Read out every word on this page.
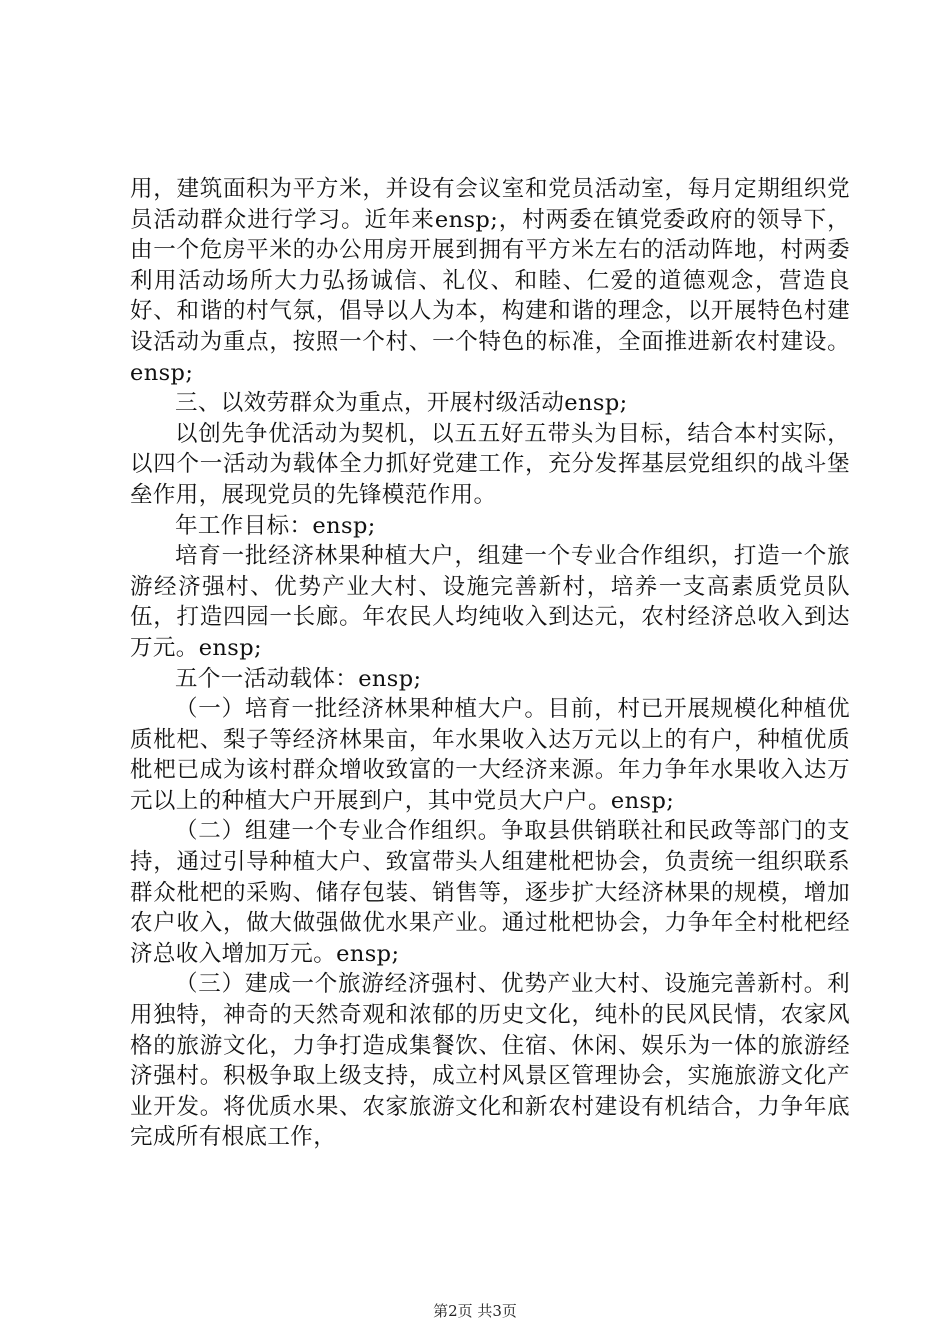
用，建筑面积为平方米，并设有会议室和党员活动室，每月定期组织党员活动群众进行学习。近年来ensp;，村两委在镇党委政府的领导下，由一个危房平米的办公用房开展到拥有平方米左右的活动阵地，村两委利用活动场所大力弘扬诚信、礼仪、和睦、仁爱的道德观念，营造良好、和谐的村气氛，倡导以人为本，构建和谐的理念，以开展特色村建设活动为重点，按照一个村、一个特色的标准，全面推进新农村建设。ensp;

三、以效劳群众为重点，开展村级活动ensp;

以创先争优活动为契机，以五五好五带头为目标，结合本村实际，以四个一活动为载体全力抓好党建工作，充分发挥基层党组织的战斗堡垒作用，展现党员的先锋模范作用。

年工作目标：ensp;

培育一批经济林果种植大户，组建一个专业合作组织，打造一个旅游经济强村、优势产业大村、设施完善新村，培养一支高素质党员队伍，打造四园一长廊。年农民人均纯收入到达元，农村经济总收入到达万元。ensp;

五个一活动载体：ensp;

（一）培育一批经济林果种植大户。目前，村已开展规模化种植优质枇杷、梨子等经济林果亩，年水果收入达万元以上的有户，种植优质枇杷已成为该村群众增收致富的一大经济来源。年力争年水果收入达万元以上的种植大户开展到户，其中党员大户户。ensp;

（二）组建一个专业合作组织。争取县供销联社和民政等部门的支持，通过引导种植大户、致富带头人组建枇杷协会，负责统一组织联系群众枇杷的采购、储存包装、销售等，逐步扩大经济林果的规模，增加农户收入，做大做强做优水果产业。通过枇杷协会，力争年全村枇杷经济总收入增加万元。ensp;

（三）建成一个旅游经济强村、优势产业大村、设施完善新村。利用独特，神奇的天然奇观和浓郁的历史文化，纯朴的民风民情，农家风格的旅游文化，力争打造成集餐饮、住宿、休闲、娱乐为一体的旅游经济强村。积极争取上级支持，成立村风景区管理协会，实施旅游文化产业开发。将优质水果、农家旅游文化和新农村建设有机结合，力争年底完成所有根底工作，

第2页 共3页
